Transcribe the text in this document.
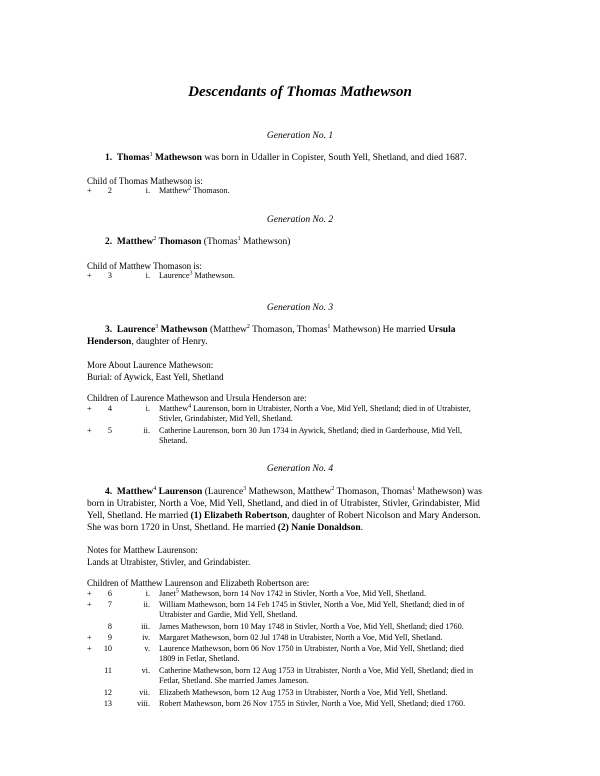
Descendants of Thomas Mathewson
Generation No. 1
1. Thomas$^1$ Mathewson was born in Udaller in Copister, South Yell, Shetland, and died 1687.
Child of Thomas Mathewson is:
+	2	i. Matthew$^2$ Thomason.
Generation No. 2
2. Matthew$^2$ Thomason (Thomas$^1$ Mathewson)
Child of Matthew Thomason is:
+	3	i. Laurence$^3$ Mathewson.
Generation No. 3
3. Laurence$^3$ Mathewson (Matthew$^2$ Thomason, Thomas$^1$ Mathewson) He married Ursula
Henderson, daughter of Henry.
More About Laurence Mathewson:
Burial: of Aywick, East Yell, Shetland
Children of Laurence Mathewson and Ursula Henderson are:
+	4	i. Matthew$^4$ Laurenson, born in Utrabister, North a Voe, Mid Yell, Shetland; died in of Utrabister,
Stivler, Grindabister, Mid Yell, Shetland.
+	5	ii. Catherine Laurenson, born 30 Jun 1734 in Aywick, Shetland; died in Garderhouse, Mid Yell,
Shetand.
Generation No. 4
4. Matthew$^4$ Laurenson (Laurence$^3$ Mathewson, Matthew$^2$ Thomason, Thomas$^1$ Mathewson) was
born in Utrabister, North a Voe, Mid Yell, Shetland, and died in of Utrabister, Stivler, Grindabister, Mid
Yell, Shetland. He married (1) Elizabeth Robertson, daughter of Robert Nicolson and Mary Anderson.
She was born 1720 in Unst, Shetland. He married (2) Nanie Donaldson.
Notes for Matthew Laurenson:
Lands at Utrabister, Stivler, and Grindabister.
Children of Matthew Laurenson and Elizabeth Robertson are:
+	6	i. Janet$^5$ Mathewson, born 14 Nov 1742 in Stivler, North a Voe, Mid Yell, Shetland.
+	7	ii. William Mathewson, born 14 Feb 1745 in Stivler, North a Voe, Mid Yell, Shetland; died in of
Utrabister and Gardie, Mid Yell, Shetland.
8	iii. James Mathewson, born 10 May 1748 in Stivler, North a Voe, Mid Yell, Shetland; died 1760.
+	9	iv. Margaret Mathewson, born 02 Jul 1748 in Utrabister, North a Voe, Mid Yell, Shetland.
+	10	v. Laurence Mathewson, born 06 Nov 1750 in Utrabister, North a Voe, Mid Yell, Shetland; died
1809 in Fetlar, Shetland.
11	vi. Catherine Mathewson, born 12 Aug 1753 in Utrabister, North a Voe, Mid Yell, Shetland; died in
Fetlar, Shetland. She married James Jameson.
12	vii. Elizabeth Mathewson, born 12 Aug 1753 in Utrabister, North a Voe, Mid Yell, Shetland.
13	viii. Robert Mathewson, born 26 Nov 1755 in Stivler, North a Voe, Mid Yell, Shetland; died 1760.
